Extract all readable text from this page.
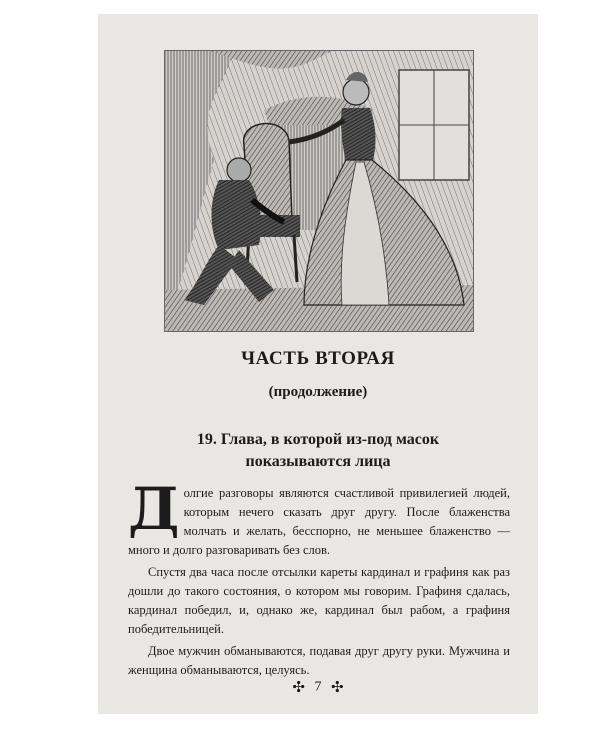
ЧАСТЬ ВТОРАЯ
(продолжение)
19. Глава, в которой из-под масок
показываются лица

Д олгие разговоры являются счастливой привилегией людей, которым нечего сказать друг другу. После блаженства молчать и желать, бесспорно, не меньшее блаженство — много и долго разговаривать без слов.

Спустя два часа после отсылки кареты кардинал и графиня как раз дошли до такого состояния, о котором мы говорим. Графиня сдалась, кардинал победил, и, однако же, кардинал был рабом, а графиня победительницей.

Двое мужчин обманываются, подавая друг другу руки. Мужчина и женщина обманываются, целуясь.

✣ 7 ✣
